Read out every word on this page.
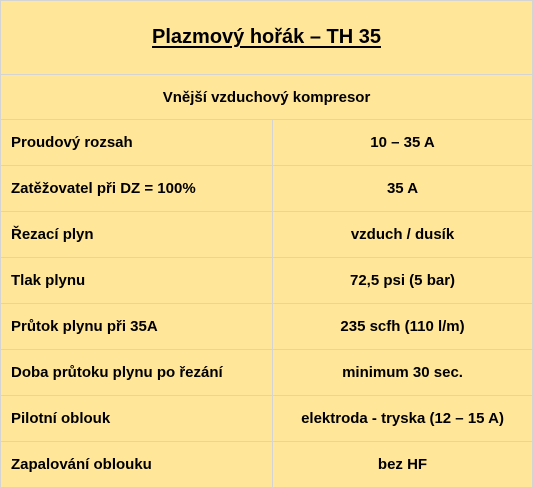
Plazmový hořák – TH 35	
Vnější vzduchový kompresor	
Proudový rozsah	10 – 35 A
Zatěžovatel při DZ = 100%	35 A
Řezací plyn	vzduch / dusík
Tlak plynu	72,5 psi (5 bar)
Průtok plynu při 35A	235 scfh (110 l/m)
Doba průtoku plynu po řezání	minimum 30 sec.
Pilotní oblouk	elektroda - tryska (12 – 15 A)
Zapalování oblouku	bez HF
